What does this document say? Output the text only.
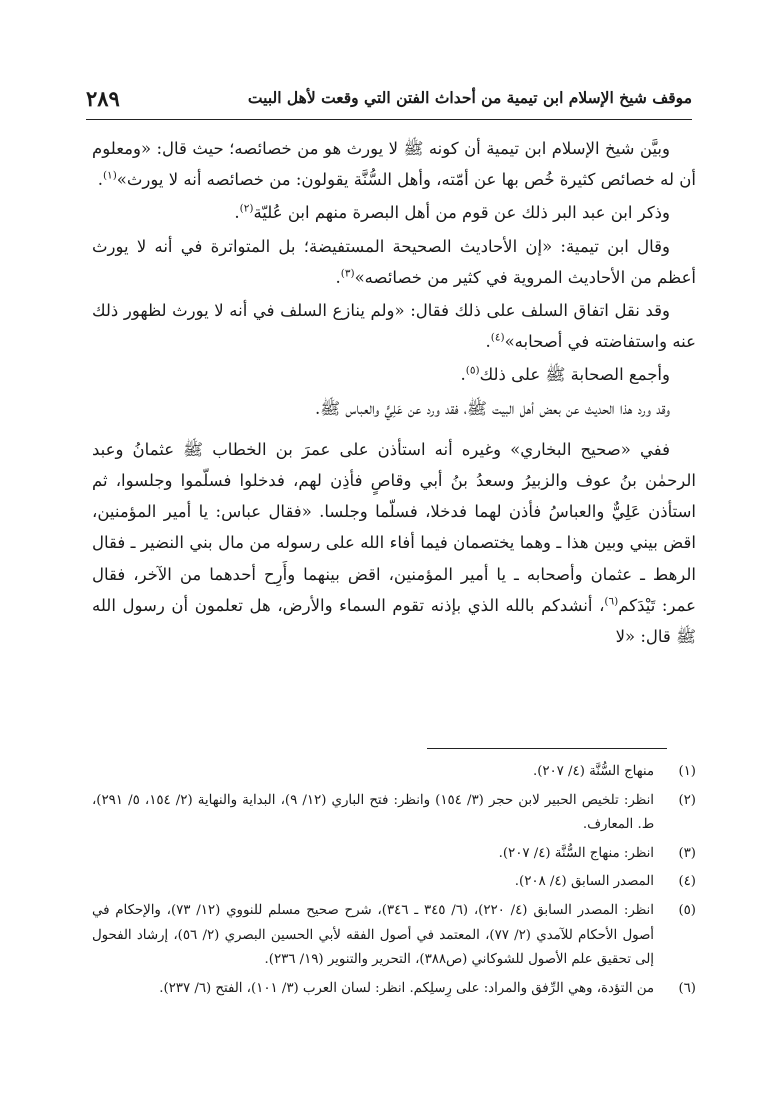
موقف شيخ الإسلام ابن تيمية من أحداث الفتن التي وقعت لأهل البيت
٢٨٩

وبيَّن شيخ الإسلام ابن تيمية أن كونه ﷺ لا يورث هو من خصائصه؛ حيث قال: «ومعلوم أن له خصائص كثيرة خُص بها عن أمّته، وأهل السُّنَّة يقولون: من خصائصه أنه لا يورث»$^{(١)}$.

وذكر ابن عبد البر ذلك عن قوم من أهل البصرة منهم ابن عُليّة$^{(٢)}$.

وقال ابن تيمية: «إن الأحاديث الصحيحة المستفيضة؛ بل المتواترة في أنه لا يورث أعظم من الأحاديث المروية في كثير من خصائصه»$^{(٣)}$.

وقد نقل اتفاق السلف على ذلك فقال: «ولم ينازع السلف في أنه لا يورث لظهور ذلك عنه واستفاضته في أصحابه»$^{(٤)}$.

وأجمع الصحابة ﷺ على ذلك$^{(٥)}$.

وقد ورد هذا الحديث عن بعض أهل البيت ﷺ، فقد ورد عن عَلِيٍّ والعباس ﷺ.

ففي «صحيح البخاري» وغيره أنه استأذن على عمرَ بن الخطاب ﷺ عثمانُ وعبد الرحمٰن بنُ عوف والزبيرُ وسعدُ بنُ أبي وقاصٍ فأذِن لهم، فدخلوا فسلّموا وجلسوا، ثم استأذن عَلِيٌّ والعباسُ فأذن لهما فدخلا، فسلّما وجلسا. «فقال عباس: يا أمير المؤمنين، اقض بيني وبين هذا ـ وهما يختصمان فيما أفاء الله على رسوله من مال بني النضير ـ فقال الرهط ـ عثمان وأصحابه ـ يا أمير المؤمنين، اقض بينهما وأَرِح أحدهما من الآخر، فقال عمر: تَيْدَكم$^{(٦)}$، أنشدكم بالله الذي بإذنه تقوم السماء والأرض، هل تعلمون أن رسول الله ﷺ قال: «لا

(١)
منهاج السُّنَّة (٤/ ٢٠٧).
(٢)
انظر: تلخيص الحبير لابن حجر (٣/ ١٥٤) وانظر: فتح الباري (١٢/ ٩)، البداية والنهاية (٢/ ١٥٤، ٥/ ٢٩١)، ط. المعارف.
(٣)
انظر: منهاج السُّنَّة (٤/ ٢٠٧).
(٤)
المصدر السابق (٤/ ٢٠٨).
(٥)
انظر: المصدر السابق (٤/ ٢٢٠)، (٦/ ٣٤٥ ـ ٣٤٦)، شرح صحيح مسلم للنووي (١٢/ ٧٣)، والإحكام في أصول الأحكام للآمدي (٢/ ٧٧)، المعتمد في أصول الفقه لأبي الحسين البصري (٢/ ٥٦)، إرشاد الفحول إلى تحقيق علم الأصول للشوكاني (ص٣٨٨)، التحرير والتنوير (١٩/ ٢٣٦).
(٦)
من التؤدة، وهي الرِّفق والمراد: على رِسلِكم. انظر: لسان العرب (٣/ ١٠١)، الفتح (٦/ ٢٣٧).
